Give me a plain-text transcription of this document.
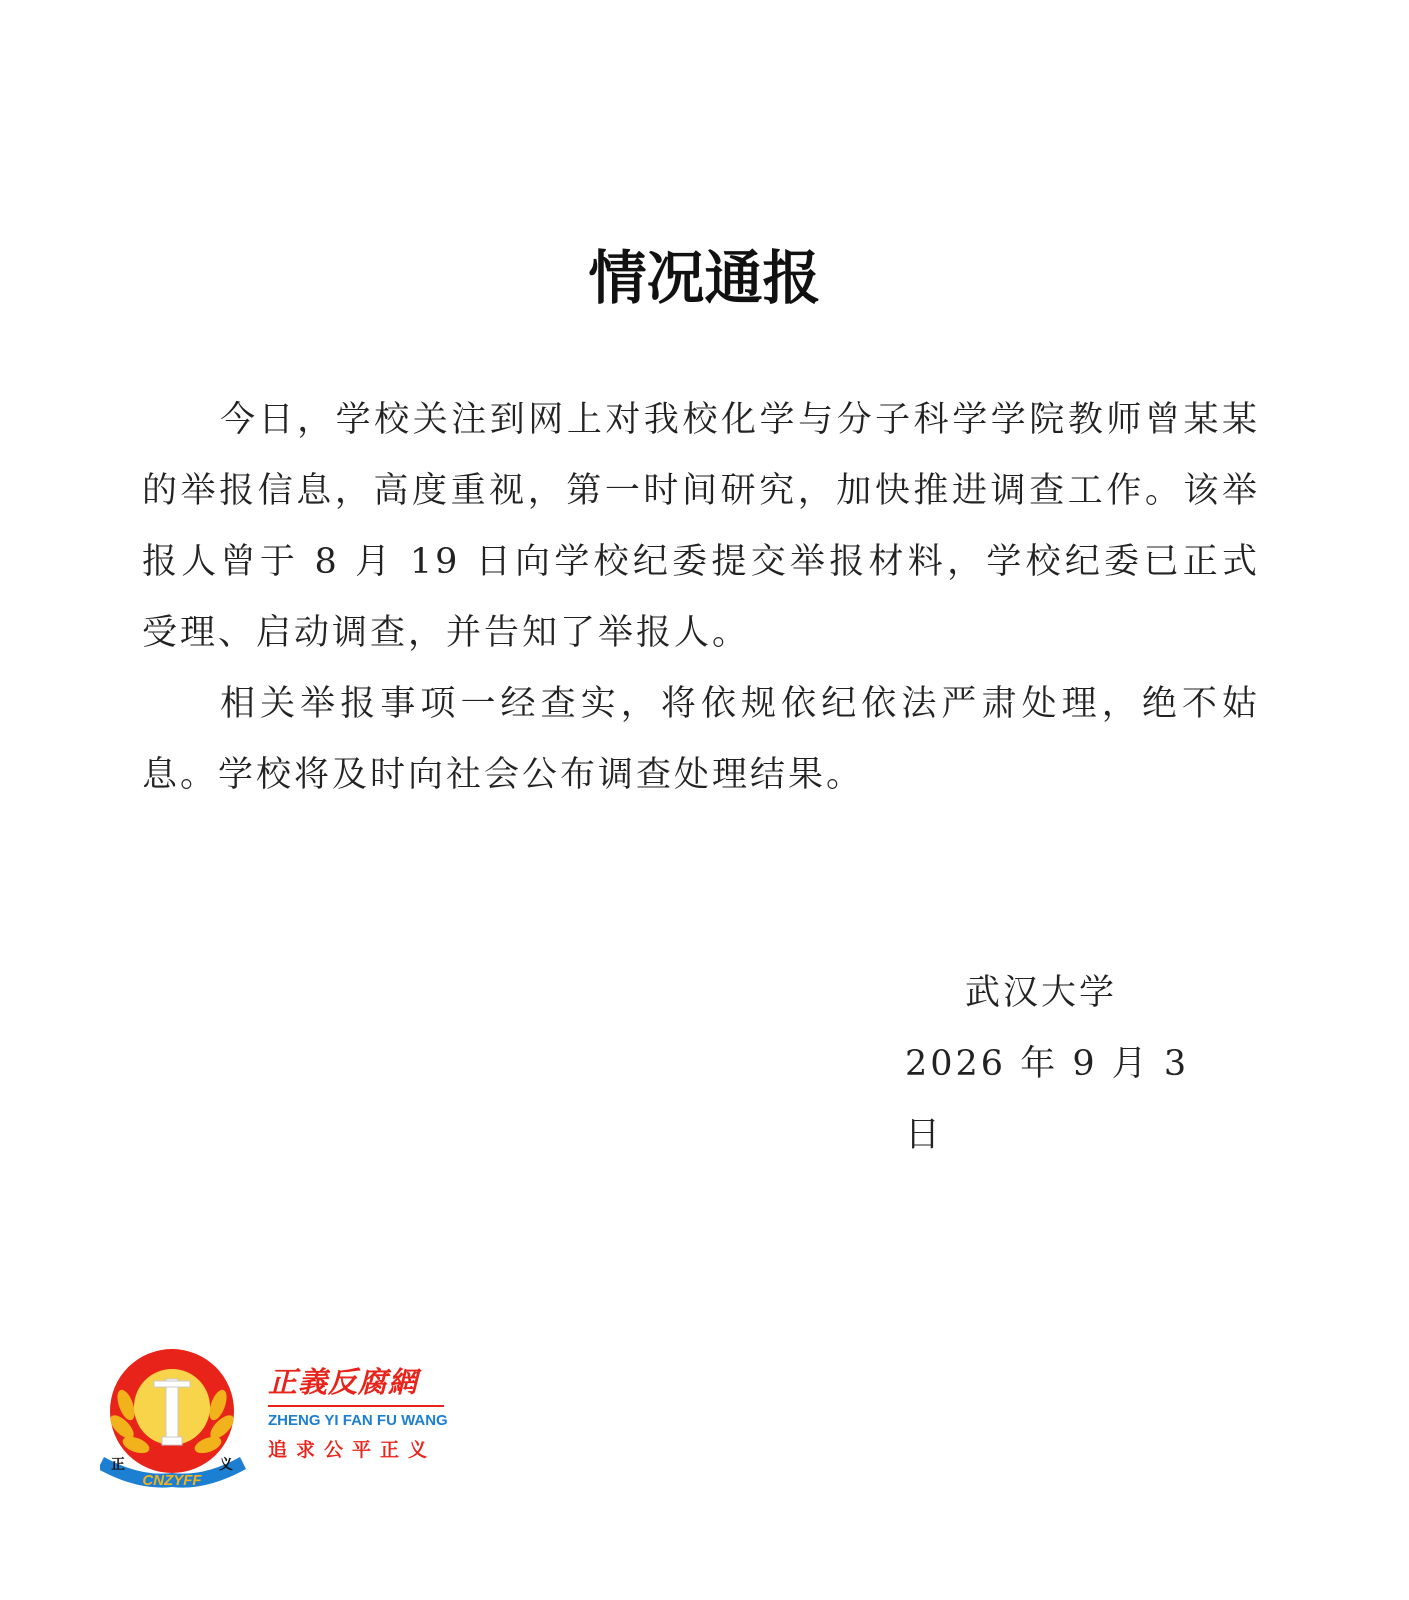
情况通报

今日，学校关注到网上对我校化学与分子科学学院教师曾某某的举报信息，高度重视，第一时间研究，加快推进调查工作。该举报人曾于 8 月 19 日向学校纪委提交举报材料，学校纪委已正式受理、启动调查，并告知了举报人。

相关举报事项一经查实，将依规依纪依法严肃处理，绝不姑息。学校将及时向社会公布调查处理结果。

武汉大学
2026 年 9 月 3 日
CNZYFF
正	义
正義反腐網
ZHENG YI FAN FU WANG
追求公平正义
